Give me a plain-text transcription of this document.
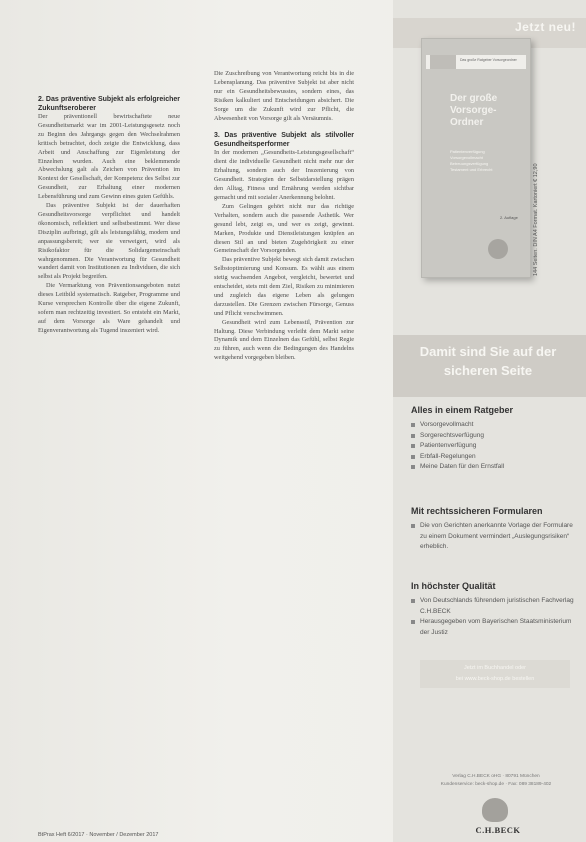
2. Das präventive Subjekt als erfolgreicher Zukunftseroberer

Der präventionell bewirtschaftete neue Gesundheitsmarkt war im 2001-Leistungsgesetz noch zu Beginn des Jahrgangs gegen den Wechselrahmen kritisch betrachtet, doch zeigte die Entwicklung, dass Arbeit und Anschaffung zur Eigenleistung der Einzelnen wurden. Auch eine beklemmende Abwechslung galt als Zeichen von Prävention im Kontext der Gesellschaft, der Kompetenz des Selbst zur Gesundheit, zur Erhaltung einer modernen Lebensführung und zum Gewinn eines guten Gefühls.

Das präventive Subjekt ist der dauerhaften Gesundheitsvorsorge verpflichtet und handelt ökonomisch, reflektiert und selbstbestimmt. Wer diese Disziplin aufbringt, gilt als leistungsfähig, modern und anpassungsbereit; wer sie verweigert, wird als Risikofaktor für die Solidargemeinschaft wahrgenommen. Die Verantwortung für Gesundheit wandert damit von Institutionen zu Individuen, die sich selbst als Projekt begreifen.

Die Vermarktung von Präventionsangeboten nutzt dieses Leitbild systematisch. Ratgeber, Programme und Kurse versprechen Kontrolle über die eigene Zukunft, sofern man rechtzeitig investiert. So entsteht ein Markt, auf dem Vorsorge als Ware gehandelt und Eigenverantwortung als Tugend inszeniert wird.

Die Zuschreibung von Verantwortung reicht bis in die Lebensplanung. Das präventive Subjekt ist aber nicht nur ein Gesundheitsbewusstes, sondern eines, das Risiken kalkuliert und Entscheidungen absichert. Die Sorge um die Zukunft wird zur Pflicht, die Abwesenheit von Vorsorge gilt als Versäumnis.

3. Das präventive Subjekt als stilvoller Gesundheitsperformer

In der modernen „Gesundheits-Leistungsgesellschaft“ dient die individuelle Gesundheit nicht mehr nur der Erhaltung, sondern auch der Inszenierung von Gesundheit. Strategien der Selbstdarstellung prägen den Alltag, Fitness und Ernährung werden sichtbar gemacht und mit sozialer Anerkennung belohnt.

Zum Gelingen gehört nicht nur das richtige Verhalten, sondern auch die passende Ästhetik. Wer gesund lebt, zeigt es, und wer es zeigt, gewinnt. Marken, Produkte und Dienstleistungen knüpfen an diesen Stil an und bieten Zugehörigkeit zu einer Gemeinschaft der Vorsorgenden.

Das präventive Subjekt bewegt sich damit zwischen Selbstoptimierung und Konsum. Es wählt aus einem stetig wachsenden Angebot, vergleicht, bewertet und entscheidet, stets mit dem Ziel, Risiken zu minimieren und zugleich das eigene Leben als gelungen darzustellen. Die Grenzen zwischen Fürsorge, Genuss und Pflicht verschwimmen.

Gesundheit wird zum Lebensstil, Prävention zur Haltung. Diese Verbindung verleiht dem Markt seine Dynamik und dem Einzelnen das Gefühl, selbst Regie zu führen, auch wenn die Bedingungen des Handelns weitgehend vorgegeben bleiben.

BtPrax Heft 6/2017 · November / Dezember 2017
Jetzt neu!
Das große Ratgeber Vorsorgeordner
Der große
Vorsorge-
Ordner
Patientenverfügung
Vorsorgevollmacht
Betreuungsverfügung
Testament und Erbrecht
2. Auflage	144 Seiten. DIN A4 Format. Kartoniert € 12,90
Damit sind Sie auf der sicheren Seite
Alles in einem Ratgeber
Vorsorgevollmacht
Sorgerechtsverfügung
Patientenverfügung
Erbfall-Regelungen
Meine Daten für den Ernstfall
Mit rechtssicheren Formularen
Die von Gerichten anerkannte Vorlage der Formulare zu einem Dokument vermindert „Auslegungsrisiken“ erheblich.
In höchster Qualität
Von Deutschlands führendem juristischen Fachverlag C.H.BECK
Herausgegeben vom Bayerischen Staatsministerium der Justiz
Jetzt im Buchhandel oder
bei www.beck-shop.de bestellen
Verlag C.H.BECK oHG · 80791 München
Kundenservice: beck-shop.de · Fax: 089 38189-402
C.H.BECK
